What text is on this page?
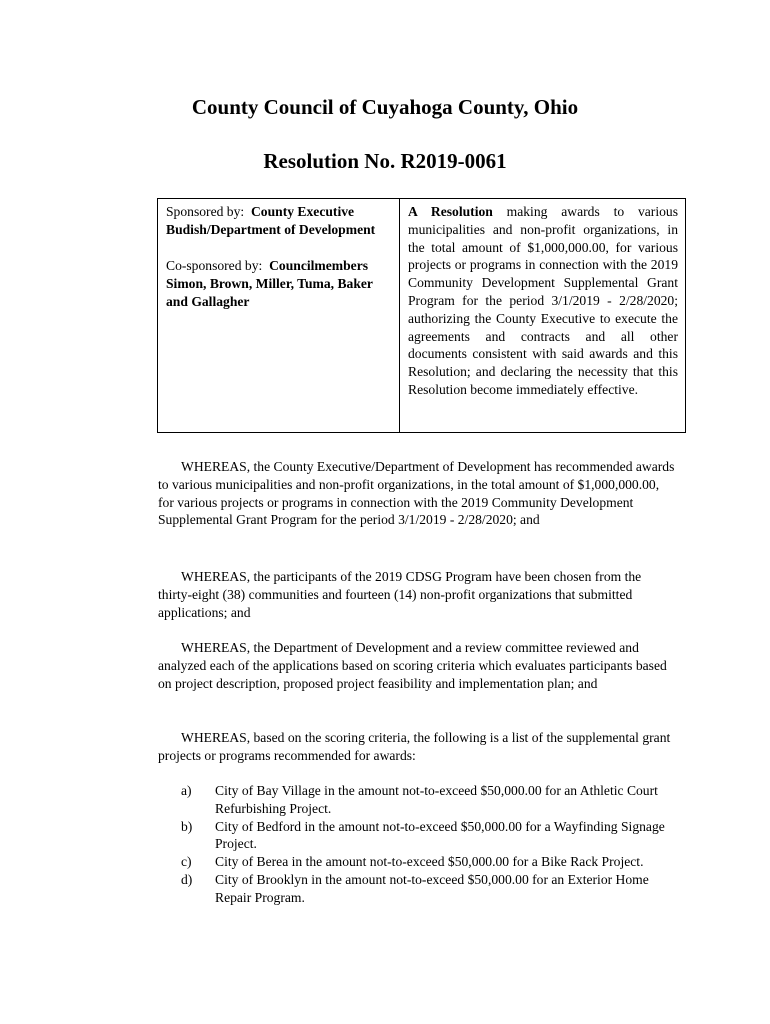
County Council of Cuyahoga County, Ohio
Resolution No. R2019-0061

Sponsored by: County Executive Budish/Department of Development

Co-sponsored by: Councilmembers Simon, Brown, Miller, Tuma, Baker and Gallagher

A Resolution making awards to various municipalities and non-profit organizations, in the total amount of $1,000,000.00, for various projects or programs in connection with the 2019 Community Development Supplemental Grant Program for the period 3/1/2019 - 2/28/2020; authorizing the County Executive to execute the agreements and contracts and all other documents consistent with said awards and this Resolution; and declaring the necessity that this Resolution become immediately effective.

WHEREAS, the County Executive/Department of Development has recommended awards to various municipalities and non-profit organizations, in the total amount of $1,000,000.00, for various projects or programs in connection with the 2019 Community Development Supplemental Grant Program for the period 3/1/2019 - 2/28/2020; and

WHEREAS, the participants of the 2019 CDSG Program have been chosen from the thirty-eight (38) communities and fourteen (14) non-profit organizations that submitted applications; and

WHEREAS, the Department of Development and a review committee reviewed and analyzed each of the applications based on scoring criteria which evaluates participants based on project description, proposed project feasibility and implementation plan; and

WHEREAS, based on the scoring criteria, the following is a list of the supplemental grant projects or programs recommended for awards:

a)	City of Bay Village in the amount not-to-exceed $50,000.00 for an Athletic Court Refurbishing Project.
b)	City of Bedford in the amount not-to-exceed $50,000.00 for a Wayfinding Signage Project.
c)	City of Berea in the amount not-to-exceed $50,000.00 for a Bike Rack Project.
d)	City of Brooklyn in the amount not-to-exceed $50,000.00 for an Exterior Home Repair Program.
